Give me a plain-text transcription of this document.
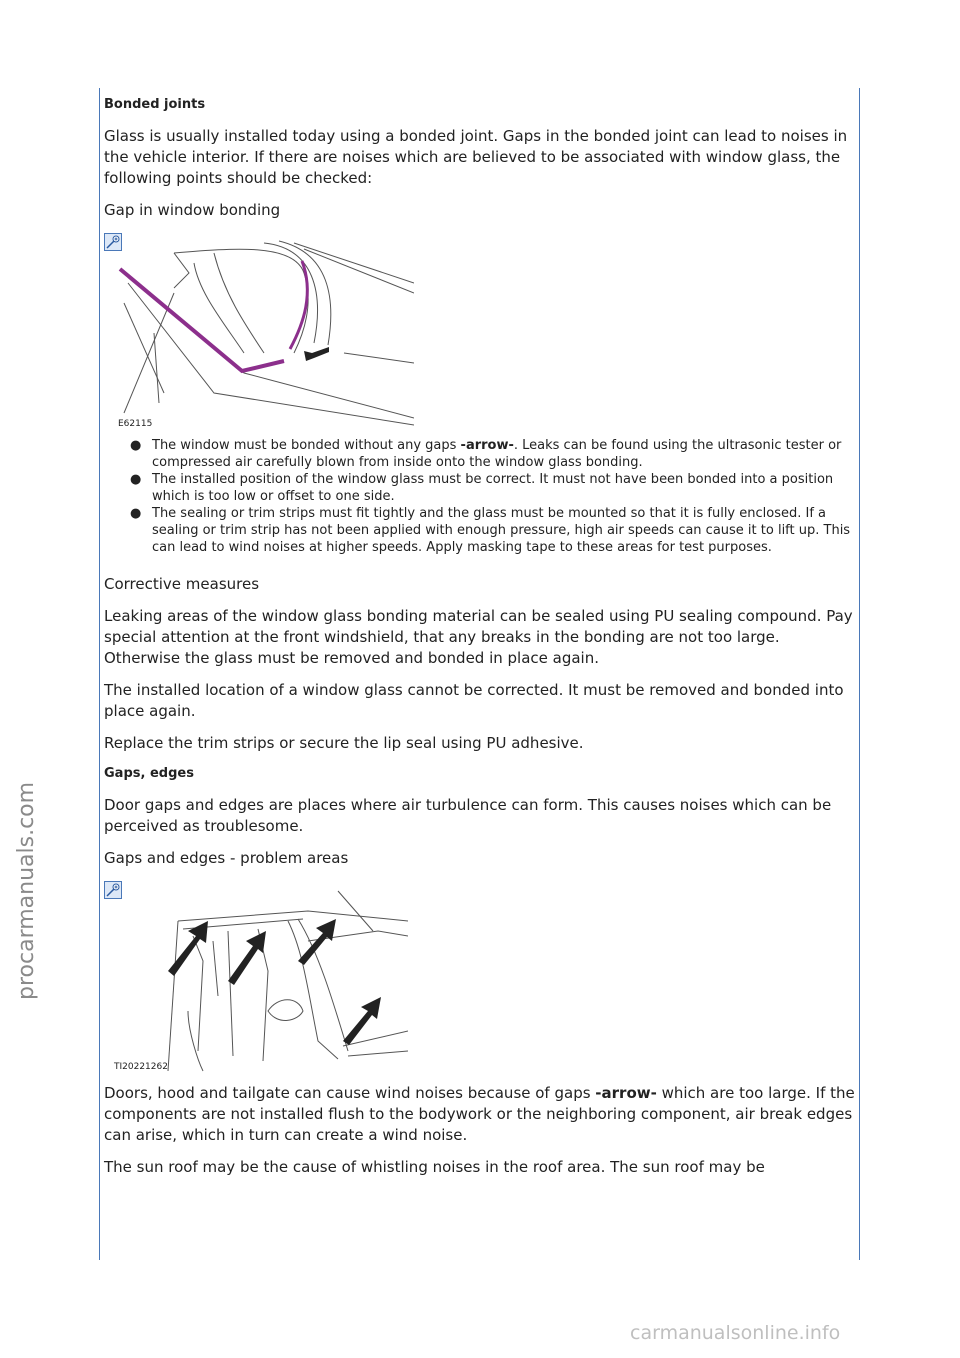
procarmanuals.com
carmanualsonline.info
Bonded joints

Glass is usually installed today using a bonded joint. Gaps in the bonded joint can lead to noises in the vehicle interior. If there are noises which are believed to be associated with window glass, the following points should be checked:

Gap in window bonding

E62115
● The window must be bonded without any gaps -arrow-. Leaks can be found using the ultrasonic tester or compressed air carefully blown from inside onto the window glass bonding.
● The installed position of the window glass must be correct. It must not have been bonded into a position which is too low or offset to one side.
● The sealing or trim strips must fit tightly and the glass must be mounted so that it is fully enclosed. If a sealing or trim strip has not been applied with enough pressure, high air speeds can cause it to lift up. This can lead to wind noises at higher speeds. Apply masking tape to these areas for test purposes.

Corrective measures

Leaking areas of the window glass bonding material can be sealed using PU sealing compound. Pay special attention at the front windshield, that any breaks in the bonding are not too large. Otherwise the glass must be removed and bonded in place again.

The installed location of a window glass cannot be corrected. It must be removed and bonded into place again.

Replace the trim strips or secure the lip seal using PU adhesive.

Gaps, edges

Door gaps and edges are places where air turbulence can form. This causes noises which can be perceived as troublesome.

Gaps and edges - problem areas

TI20221262

Doors, hood and tailgate can cause wind noises because of gaps -arrow- which are too large. If the components are not installed flush to the bodywork or the neighboring component, air break edges can arise, which in turn can create a wind noise.

The sun roof may be the cause of whistling noises in the roof area. The sun roof may be
